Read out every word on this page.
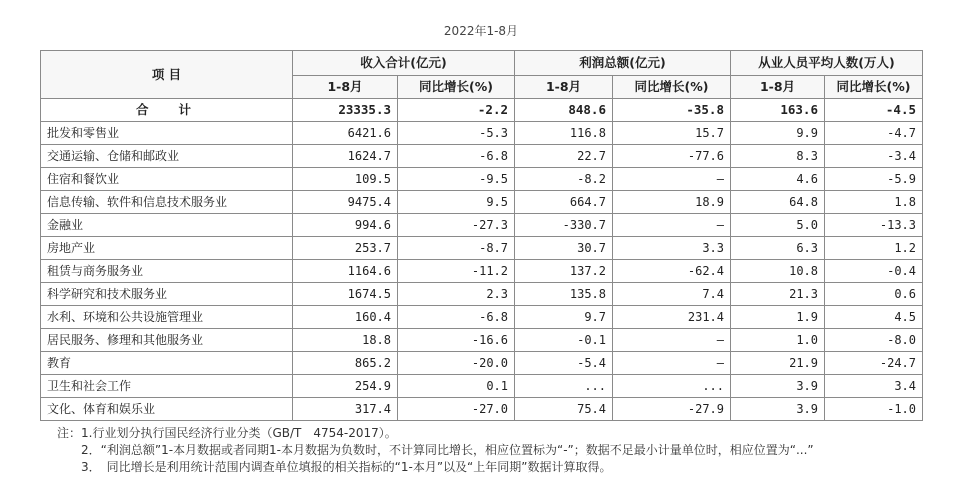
2022年1-8月
项 目	收入合计(亿元)		利润总额(亿元)		从业人员平均人数(万人)	
	1-8月	同比增长(%)	1-8月	同比增长(%)	1-8月	同比增长(%)
合计	23335.3	-2.2	848.6	-35.8	163.6	-4.5
批发和零售业	6421.6	-5.3	116.8	15.7	9.9	-4.7
交通运输、仓储和邮政业	1624.7	-6.8	22.7	-77.6	8.3	-3.4
住宿和餐饮业	109.5	-9.5	-8.2	—	4.6	-5.9
信息传输、软件和信息技术服务业	9475.4	9.5	664.7	18.9	64.8	1.8
金融业	994.6	-27.3	-330.7	—	5.0	-13.3
房地产业	253.7	-8.7	30.7	3.3	6.3	1.2
租赁与商务服务业	1164.6	-11.2	137.2	-62.4	10.8	-0.4
科学研究和技术服务业	1674.5	2.3	135.8	7.4	21.3	0.6
水利、环境和公共设施管理业	160.4	-6.8	9.7	231.4	1.9	4.5
居民服务、修理和其他服务业	18.8	-16.6	-0.1	—	1.0	-8.0
教育	865.2	-20.0	-5.4	—	21.9	-24.7
卫生和社会工作	254.9	0.1	...	...	3.9	3.4
文化、体育和娱乐业	317.4	-27.0	75.4	-27.9	3.9	-1.0
注：1.行业划分执行国民经济行业分类（GB/T　4754-2017）。
2．“利润总额”1-本月数据或者同期1-本月数据为负数时，不计算同比增长，相应位置标为“-”；数据不足最小计量单位时，相应位置为“...”
3．　同比增长是利用统计范围内调查单位填报的相关指标的“1-本月”以及“上年同期”数据计算取得。
